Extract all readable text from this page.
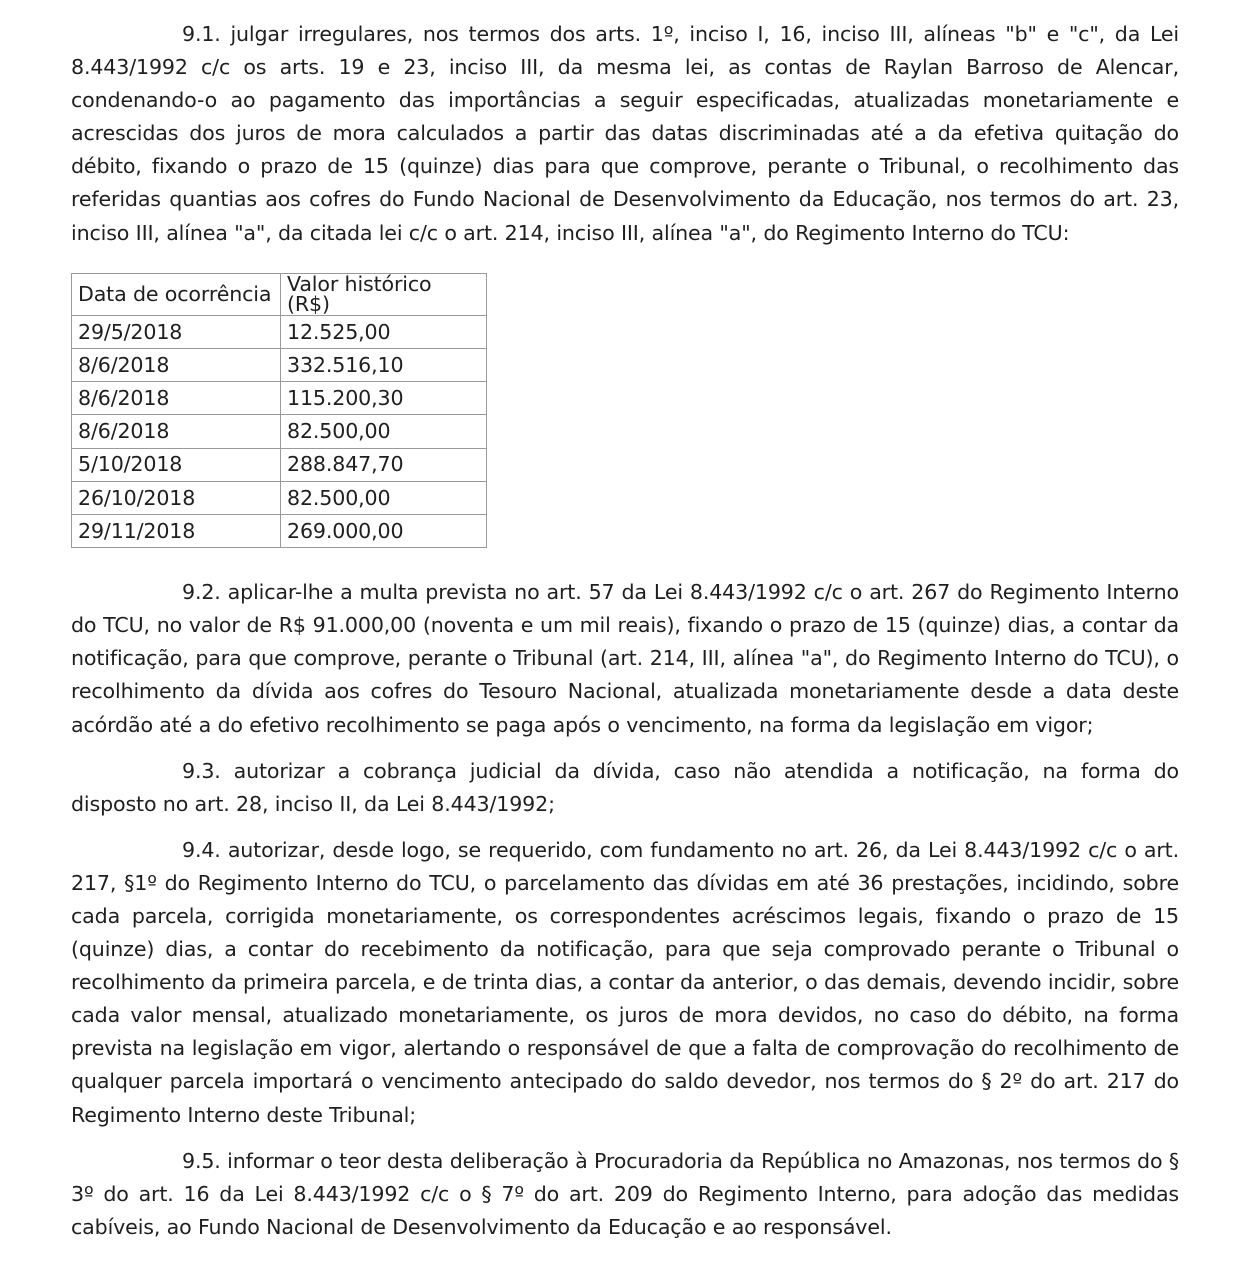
9.1. julgar irregulares, nos termos dos arts. 1º, inciso I, 16, inciso III, alíneas "b" e "c", da Lei 8.443/1992 c/c os arts. 19 e 23, inciso III, da mesma lei, as contas de Raylan Barroso de Alencar, condenando-o ao pagamento das importâncias a seguir especificadas, atualizadas monetariamente e acrescidas dos juros de mora calculados a partir das datas discriminadas até a da efetiva quitação do débito, fixando o prazo de 15 (quinze) dias para que comprove, perante o Tribunal, o recolhimento das referidas quantias aos cofres do Fundo Nacional de Desenvolvimento da Educação, nos termos do art. 23, inciso III, alínea "a", da citada lei c/c o art. 214, inciso III, alínea "a", do Regimento Interno do TCU:

Data de ocorrência	Valor histórico (R$)
29/5/2018	12.525,00
8/6/2018	332.516,10
8/6/2018	115.200,30
8/6/2018	82.500,00
5/10/2018	288.847,70
26/10/2018	82.500,00
29/11/2018	269.000,00

9.2. aplicar-lhe a multa prevista no art. 57 da Lei 8.443/1992 c/c o art. 267 do Regimento Interno do TCU, no valor de R$ 91.000,00 (noventa e um mil reais), fixando o prazo de 15 (quinze) dias, a contar da notificação, para que comprove, perante o Tribunal (art. 214, III, alínea "a", do Regimento Interno do TCU), o recolhimento da dívida aos cofres do Tesouro Nacional, atualizada monetariamente desde a data deste acórdão até a do efetivo recolhimento se paga após o vencimento, na forma da legislação em vigor;

9.3. autorizar a cobrança judicial da dívida, caso não atendida a notificação, na forma do disposto no art. 28, inciso II, da Lei 8.443/1992;

9.4. autorizar, desde logo, se requerido, com fundamento no art. 26, da Lei 8.443/1992 c/c o art. 217, §1º do Regimento Interno do TCU, o parcelamento das dívidas em até 36 prestações, incidindo, sobre cada parcela, corrigida monetariamente, os correspondentes acréscimos legais, fixando o prazo de 15 (quinze) dias, a contar do recebimento da notificação, para que seja comprovado perante o Tribunal o recolhimento da primeira parcela, e de trinta dias, a contar da anterior, o das demais, devendo incidir, sobre cada valor mensal, atualizado monetariamente, os juros de mora devidos, no caso do débito, na forma prevista na legislação em vigor, alertando o responsável de que a falta de comprovação do recolhimento de qualquer parcela importará o vencimento antecipado do saldo devedor, nos termos do § 2º do art. 217 do Regimento Interno deste Tribunal;

9.5. informar o teor desta deliberação à Procuradoria da República no Amazonas, nos termos do § 3º do art. 16 da Lei 8.443/1992 c/c o § 7º do art. 209 do Regimento Interno, para adoção das medidas cabíveis, ao Fundo Nacional de Desenvolvimento da Educação e ao responsável.
